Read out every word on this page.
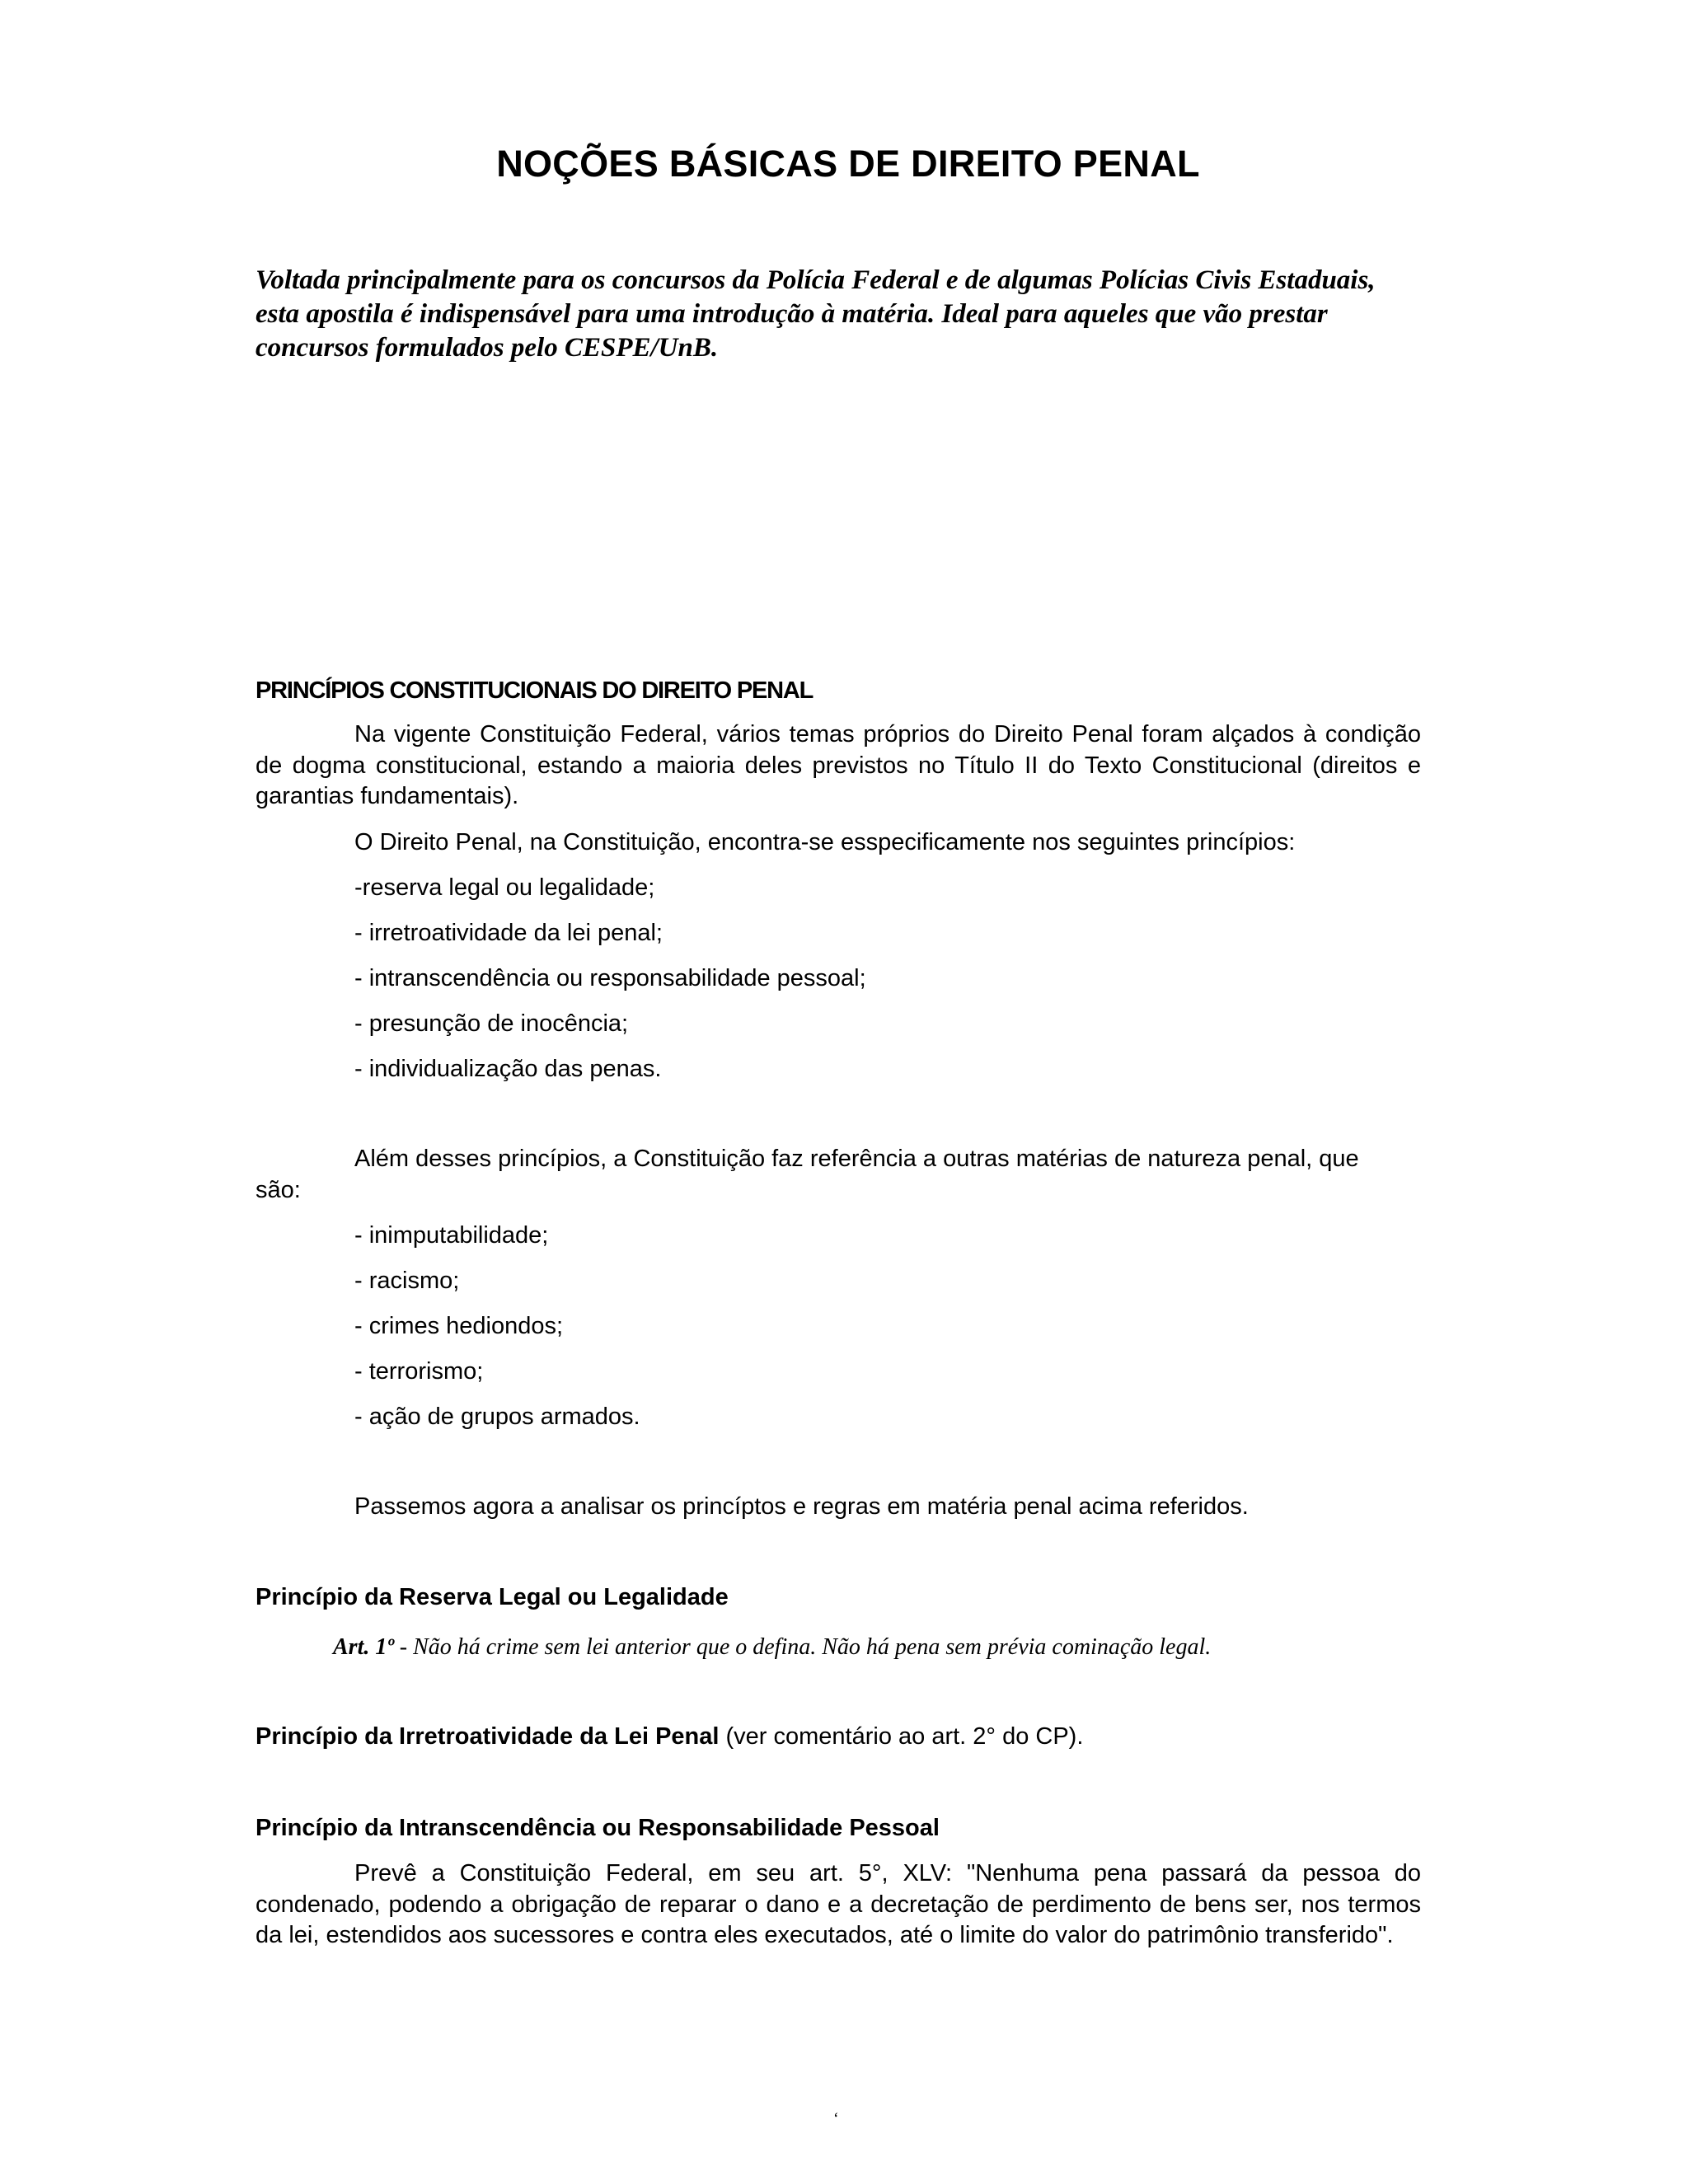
NOÇÕES BÁSICAS DE DIREITO PENAL
Voltada principalmente para os concursos da Polícia Federal e de algumas Polícias Civis Estaduais,
esta apostila é indispensável para uma introdução à matéria. Ideal para aqueles que vão prestar
concursos formulados pelo CESPE/UnB.
PRINCÍPIOS CONSTITUCIONAIS DO DIREITO PENAL
Na vigente Constituição Federal, vários temas próprios do Direito Penal foram alçados à condição de dogma constitucional, estando a maioria deles previstos no Título II do Texto Constitucional (direitos e garantias fundamentais).
O Direito Penal, na Constituição, encontra-se esspecificamente nos seguintes princípios:
-reserva legal ou legalidade;
- irretroatividade da lei penal;
- intranscendência ou responsabilidade pessoal;
- presunção de inocência;
- individualização das penas.
Além desses princípios, a Constituição faz referência a outras matérias de natureza penal, que
são:
- inimputabilidade;
- racismo;
- crimes hediondos;
- terrorismo;
- ação de grupos armados.
Passemos agora a analisar os princíptos e regras em matéria penal acima referidos.
Princípio da Reserva Legal ou Legalidade
Art. 1º - Não há crime sem lei anterior que o defina. Não há pena sem prévia cominação legal.
Princípio da Irretroatividade da Lei Penal (ver comentário ao art. 2° do CP).
Princípio da Intranscendência ou Responsabilidade Pessoal
Prevê a Constituição Federal, em seu art. 5°, XLV: "Nenhuma pena passará da pessoa do condenado, podendo a obrigação de reparar o dano e a decretação de perdimento de bens ser, nos termos da lei, estendidos aos sucessores e contra eles executados, até o limite do valor do patrimônio transferido".
‘
